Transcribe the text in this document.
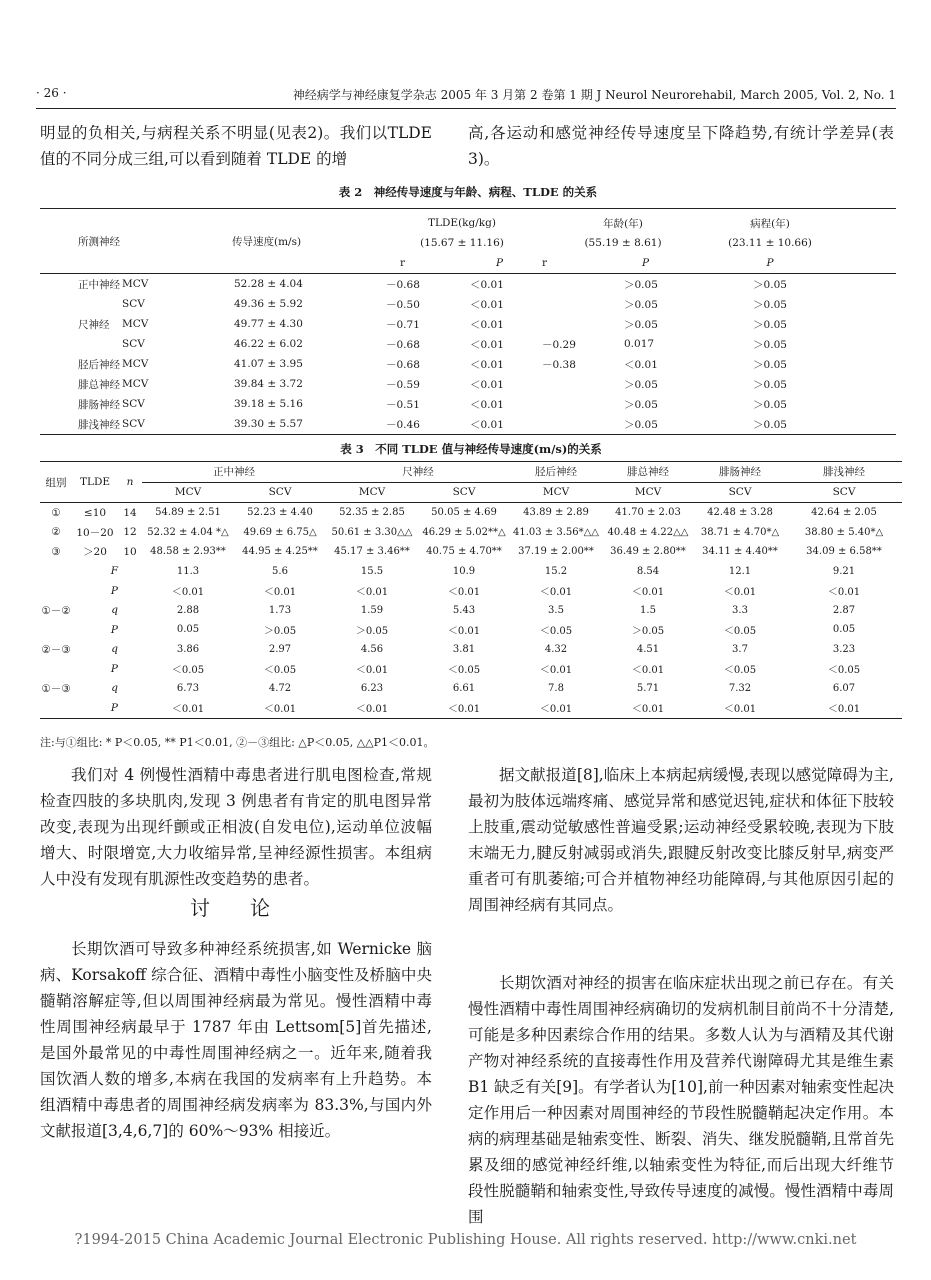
· 26 ·	神经病学与神经康复学杂志 2005 年 3 月第 2 卷第 1 期 J Neurol Neurorehabil, March 2005, Vol. 2, No. 1

明显的负相关,与病程关系不明显(见表2)。我们以TLDE 值的不同分成三组,可以看到随着 TLDE 的增

高,各运动和感觉神经传导速度呈下降趋势,有统计学差异(表3)。

表 2　神经传导速度与年龄、病程、TLDE 的关系
所测神经		传导速度(m/s)	TLDE(kg/kg)		年龄(年)		病程(年)
			(15.67 ± 11.16)		(55.19 ± 8.61)		(23.11 ± 10.66)
			r	P	r	P	P
正中神经	MCV	52.28 ± 4.04	－0.68	＜0.01		＞0.05	＞0.05
	SCV	49.36 ± 5.92	－0.50	＜0.01		＞0.05	＞0.05
尺神经	MCV	49.77 ± 4.30	－0.71	＜0.01		＞0.05	＞0.05
	SCV	46.22 ± 6.02	－0.68	＜0.01	－0.29	0.017	＞0.05
胫后神经	MCV	41.07 ± 3.95	－0.68	＜0.01	－0.38	＜0.01	＞0.05
腓总神经	MCV	39.84 ± 3.72	－0.59	＜0.01		＞0.05	＞0.05
腓肠神经	SCV	39.18 ± 5.16	－0.51	＜0.01		＞0.05	＞0.05
腓浅神经	SCV	39.30 ± 5.57	－0.46	＜0.01		＞0.05	＞0.05
表 3　不同 TLDE 值与神经传导速度(m/s)的关系
组别	TLDE	n	正中神经		尺神经		胫后神经	腓总神经	腓肠神经	腓浅神经
			MCV	SCV	MCV	SCV	MCV	MCV	SCV	SCV
①	≤10	14	54.89 ± 2.51	52.23 ± 4.40	52.35 ± 2.85	50.05 ± 4.69	43.89 ± 2.89	41.70 ± 2.03	42.48 ± 3.28	42.64 ± 2.05
②	10－20	12	52.32 ± 4.04 *△	49.69 ± 6.75△	50.61 ± 3.30△△	46.29 ± 5.02**△	41.03 ± 3.56*△△	40.48 ± 4.22△△	38.71 ± 4.70*△	38.80 ± 5.40*△
③	＞20	10	48.58 ± 2.93**	44.95 ± 4.25**	45.17 ± 3.46**	40.75 ± 4.70**	37.19 ± 2.00**	36.49 ± 2.80**	34.11 ± 4.40**	34.09 ± 6.58**
	F		11.3	5.6	15.5	10.9	15.2	8.54	12.1	9.21
	P		＜0.01	＜0.01	＜0.01	＜0.01	＜0.01	＜0.01	＜0.01	＜0.01
①－②	q		2.88	1.73	1.59	5.43	3.5	1.5	3.3	2.87
	P		0.05	＞0.05	＞0.05	＜0.01	＜0.05	＞0.05	＜0.05	0.05
②－③	q		3.86	2.97	4.56	3.81	4.32	4.51	3.7	3.23
	P		＜0.05	＜0.05	＜0.01	＜0.05	＜0.01	＜0.01	＜0.05	＜0.05
①－③	q		6.73	4.72	6.23	6.61	7.8	5.71	7.32	6.07
	P		＜0.01	＜0.01	＜0.01	＜0.01	＜0.01	＜0.01	＜0.01	＜0.01
注:与①组比: * P＜0.05, ** P1＜0.01, ②－③组比: △P＜0.05, △△P1＜0.01。

我们对 4 例慢性酒精中毒患者进行肌电图检查,常规检查四肢的多块肌肉,发现 3 例患者有肯定的肌电图异常改变,表现为出现纤颤或正相波(自发电位),运动单位波幅增大、时限增宽,大力收缩异常,呈神经源性损害。本组病人中没有发现有肌源性改变趋势的患者。

讨论

长期饮酒可导致多种神经系统损害,如 Wernicke 脑病、Korsakoff 综合征、酒精中毒性小脑变性及桥脑中央髓鞘溶解症等,但以周围神经病最为常见。慢性酒精中毒性周围神经病最早于 1787 年由 Lettsom[5]首先描述,是国外最常见的中毒性周围神经病之一。近年来,随着我国饮酒人数的增多,本病在我国的发病率有上升趋势。本组酒精中毒患者的周围神经病发病率为 83.3%,与国内外文献报道[3,4,6,7]的 60%～93% 相接近。

据文献报道[8],临床上本病起病缓慢,表现以感觉障碍为主,最初为肢体远端疼痛、感觉异常和感觉迟钝,症状和体征下肢较上肢重,震动觉敏感性普遍受累;运动神经受累较晚,表现为下肢末端无力,腱反射减弱或消失,跟腱反射改变比膝反射早,病变严重者可有肌萎缩;可合并植物神经功能障碍,与其他原因引起的周围神经病有其同点。

长期饮酒对神经的损害在临床症状出现之前已存在。有关慢性酒精中毒性周围神经病确切的发病机制目前尚不十分清楚,可能是多种因素综合作用的结果。多数人认为与酒精及其代谢产物对神经系统的直接毒性作用及营养代谢障碍尤其是维生素 B1 缺乏有关[9]。有学者认为[10],前一种因素对轴索变性起决定作用后一种因素对周围神经的节段性脱髓鞘起决定作用。本病的病理基础是轴索变性、断裂、消失、继发脱髓鞘,且常首先累及细的感觉神经纤维,以轴索变性为特征,而后出现大纤维节段性脱髓鞘和轴索变性,导致传导速度的减慢。慢性酒精中毒周围

?1994-2015 China Academic Journal Electronic Publishing House. All rights reserved. http://www.cnki.net
